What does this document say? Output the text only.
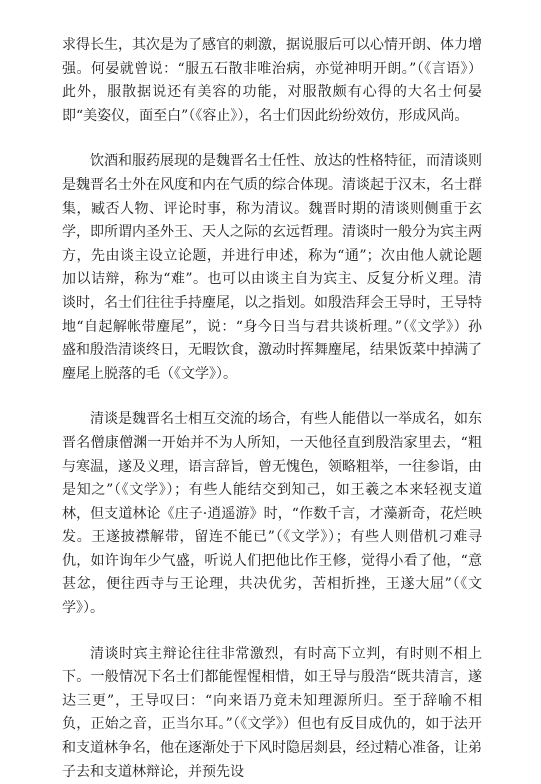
求得长生，其次是为了感官的刺激，据说服后可以心情开朗、体力增强。何晏就曾说：“服五石散非唯治病，亦觉神明开朗。”（《言语》）此外，服散据说还有美容的功能，对服散颇有心得的大名士何晏即“美姿仪，面至白”（《容止》），名士们因此纷纷效仿，形成风尚。

饮酒和服药展现的是魏晋名士任性、放达的性格特征，而清谈则是魏晋名士外在风度和内在气质的综合体现。清谈起于汉末，名士群集，臧否人物、评论时事，称为清议。魏晋时期的清谈则侧重于玄学，即所谓内圣外王、天人之际的玄远哲理。清谈时一般分为宾主两方，先由谈主设立论题，并进行申述，称为“通”；次由他人就论题加以诘辩，称为“难”。也可以由谈主自为宾主、反复分析义理。清谈时，名士们往往手持麈尾，以之指划。如殷浩拜会王导时，王导特地“自起解帐带麈尾”，说：“身今日当与君共谈析理。”（《文学》）孙盛和殷浩清谈终日，无暇饮食，激动时挥舞麈尾，结果饭菜中掉满了麈尾上脱落的毛（《文学》）。

清谈是魏晋名士相互交流的场合，有些人能借以一举成名，如东晋名僧康僧渊一开始并不为人所知，一天他径直到殷浩家里去，“粗与寒温，遂及义理，语言辞旨，曾无愧色，领略粗举，一往参诣，由是知之”（《文学》）；有些人能结交到知己，如王羲之本来轻视支道林，但支道林论《庄子·逍遥游》时，“作数千言，才藻新奇，花烂映发。王遂披襟解带，留连不能已”（《文学》）；有些人则借机刁难寻仇，如许询年少气盛，听说人们把他比作王修，觉得小看了他，“意甚忿，便往西寺与王论理，共决优劣，苦相折挫，王遂大屈”（《文学》）。

清谈时宾主辩论往往非常激烈，有时高下立判，有时则不相上下。一般情况下名士们都能惺惺相惜，如王导与殷浩“既共清言，遂达三更”，王导叹曰：“向来语乃竟未知理源所归。至于辞喻不相负，正始之音，正当尔耳。”（《文学》）但也有反目成仇的，如于法开和支道林争名，他在逐渐处于下风时隐居剡县，经过精心准备，让弟子去和支道林辩论，并预先设
